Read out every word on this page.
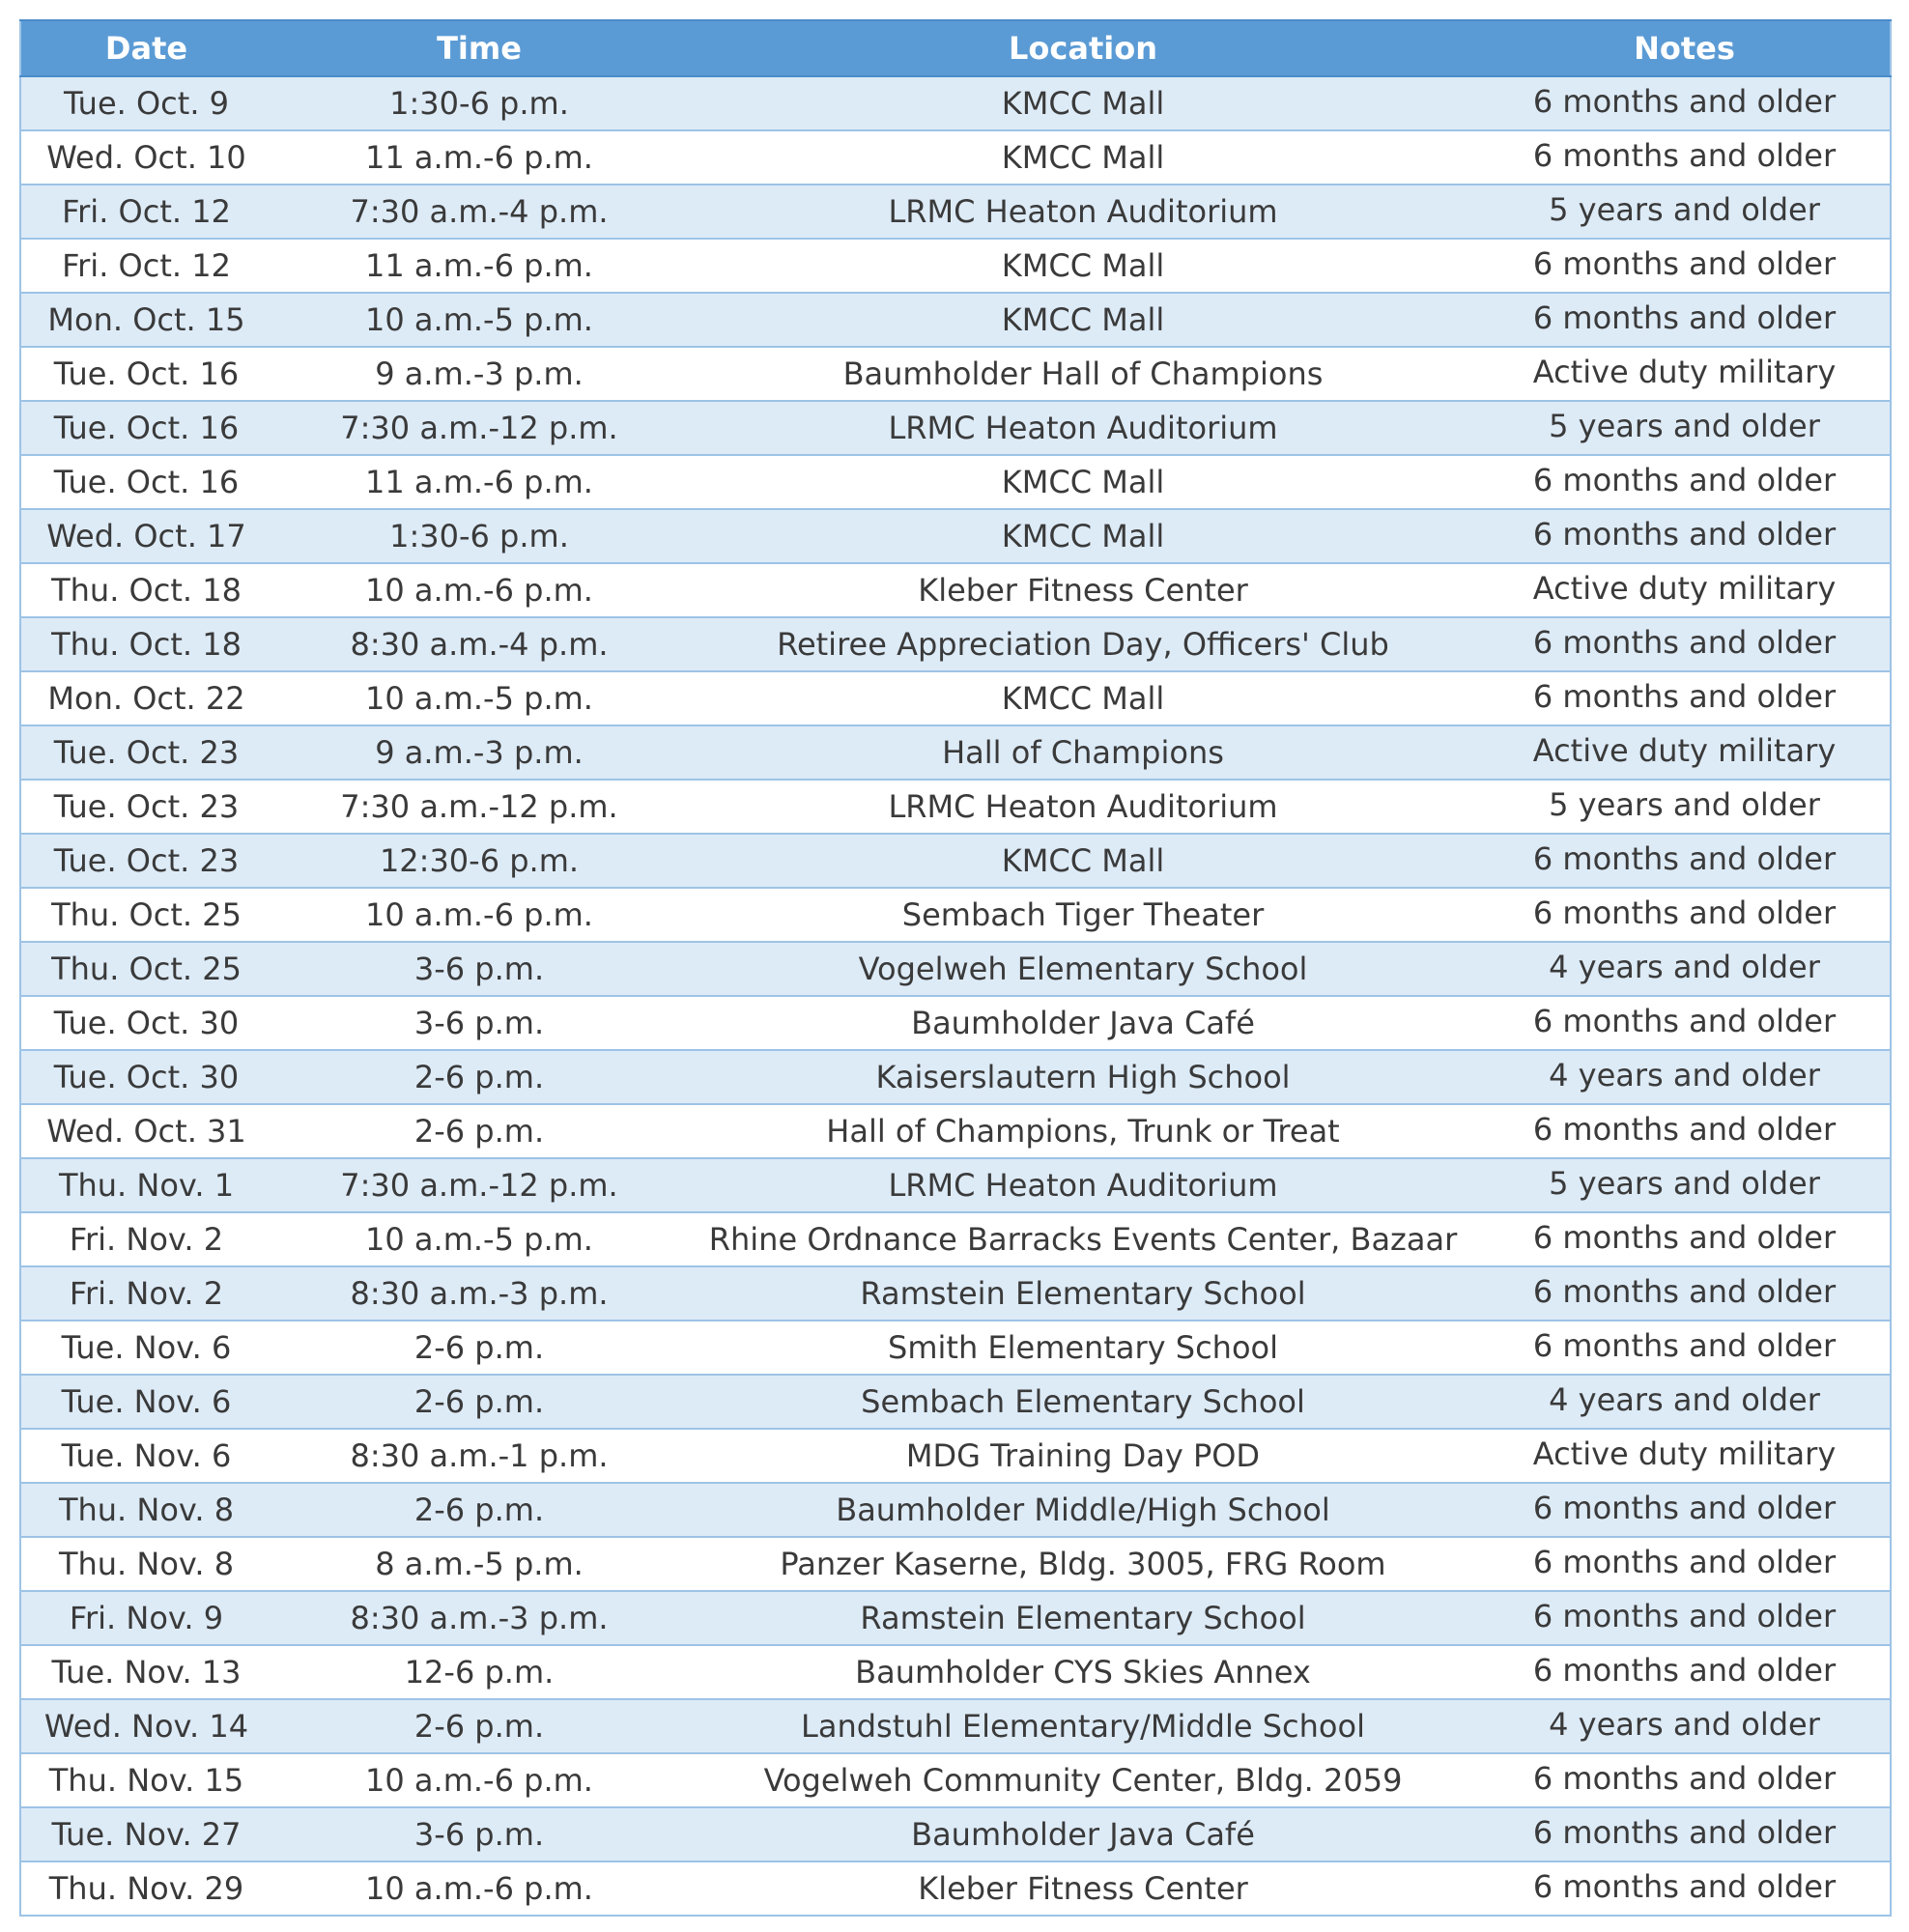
Date	Time	Location	Notes
Tue. Oct. 9	1:30-6 p.m.	KMCC Mall	6 months and older
Wed. Oct. 10	11 a.m.-6 p.m.	KMCC Mall	6 months and older
Fri. Oct. 12	7:30 a.m.-4 p.m.	LRMC Heaton Auditorium	5 years and older
Fri. Oct. 12	11 a.m.-6 p.m.	KMCC Mall	6 months and older
Mon. Oct. 15	10 a.m.-5 p.m.	KMCC Mall	6 months and older
Tue. Oct. 16	9 a.m.-3 p.m.	Baumholder Hall of Champions	Active duty military
Tue. Oct. 16	7:30 a.m.-12 p.m.	LRMC Heaton Auditorium	5 years and older
Tue. Oct. 16	11 a.m.-6 p.m.	KMCC Mall	6 months and older
Wed. Oct. 17	1:30-6 p.m.	KMCC Mall	6 months and older
Thu. Oct. 18	10 a.m.-6 p.m.	Kleber Fitness Center	Active duty military
Thu. Oct. 18	8:30 a.m.-4 p.m.	Retiree Appreciation Day, Officers' Club	6 months and older
Mon. Oct. 22	10 a.m.-5 p.m.	KMCC Mall	6 months and older
Tue. Oct. 23	9 a.m.-3 p.m.	Hall of Champions	Active duty military
Tue. Oct. 23	7:30 a.m.-12 p.m.	LRMC Heaton Auditorium	5 years and older
Tue. Oct. 23	12:30-6 p.m.	KMCC Mall	6 months and older
Thu. Oct. 25	10 a.m.-6 p.m.	Sembach Tiger Theater	6 months and older
Thu. Oct. 25	3-6 p.m.	Vogelweh Elementary School	4 years and older
Tue. Oct. 30	3-6 p.m.	Baumholder Java Café	6 months and older
Tue. Oct. 30	2-6 p.m.	Kaiserslautern High School	4 years and older
Wed. Oct. 31	2-6 p.m.	Hall of Champions, Trunk or Treat	6 months and older
Thu. Nov. 1	7:30 a.m.-12 p.m.	LRMC Heaton Auditorium	5 years and older
Fri. Nov. 2	10 a.m.-5 p.m.	Rhine Ordnance Barracks Events Center, Bazaar	6 months and older
Fri. Nov. 2	8:30 a.m.-3 p.m.	Ramstein Elementary School	6 months and older
Tue. Nov. 6	2-6 p.m.	Smith Elementary School	6 months and older
Tue. Nov. 6	2-6 p.m.	Sembach Elementary School	4 years and older
Tue. Nov. 6	8:30 a.m.-1 p.m.	MDG Training Day POD	Active duty military
Thu. Nov. 8	2-6 p.m.	Baumholder Middle/High School	6 months and older
Thu. Nov. 8	8 a.m.-5 p.m.	Panzer Kaserne, Bldg. 3005, FRG Room	6 months and older
Fri. Nov. 9	8:30 a.m.-3 p.m.	Ramstein Elementary School	6 months and older
Tue. Nov. 13	12-6 p.m.	Baumholder CYS Skies Annex	6 months and older
Wed. Nov. 14	2-6 p.m.	Landstuhl Elementary/Middle School	4 years and older
Thu. Nov. 15	10 a.m.-6 p.m.	Vogelweh Community Center, Bldg. 2059	6 months and older
Tue. Nov. 27	3-6 p.m.	Baumholder Java Café	6 months and older
Thu. Nov. 29	10 a.m.-6 p.m.	Kleber Fitness Center	6 months and older
